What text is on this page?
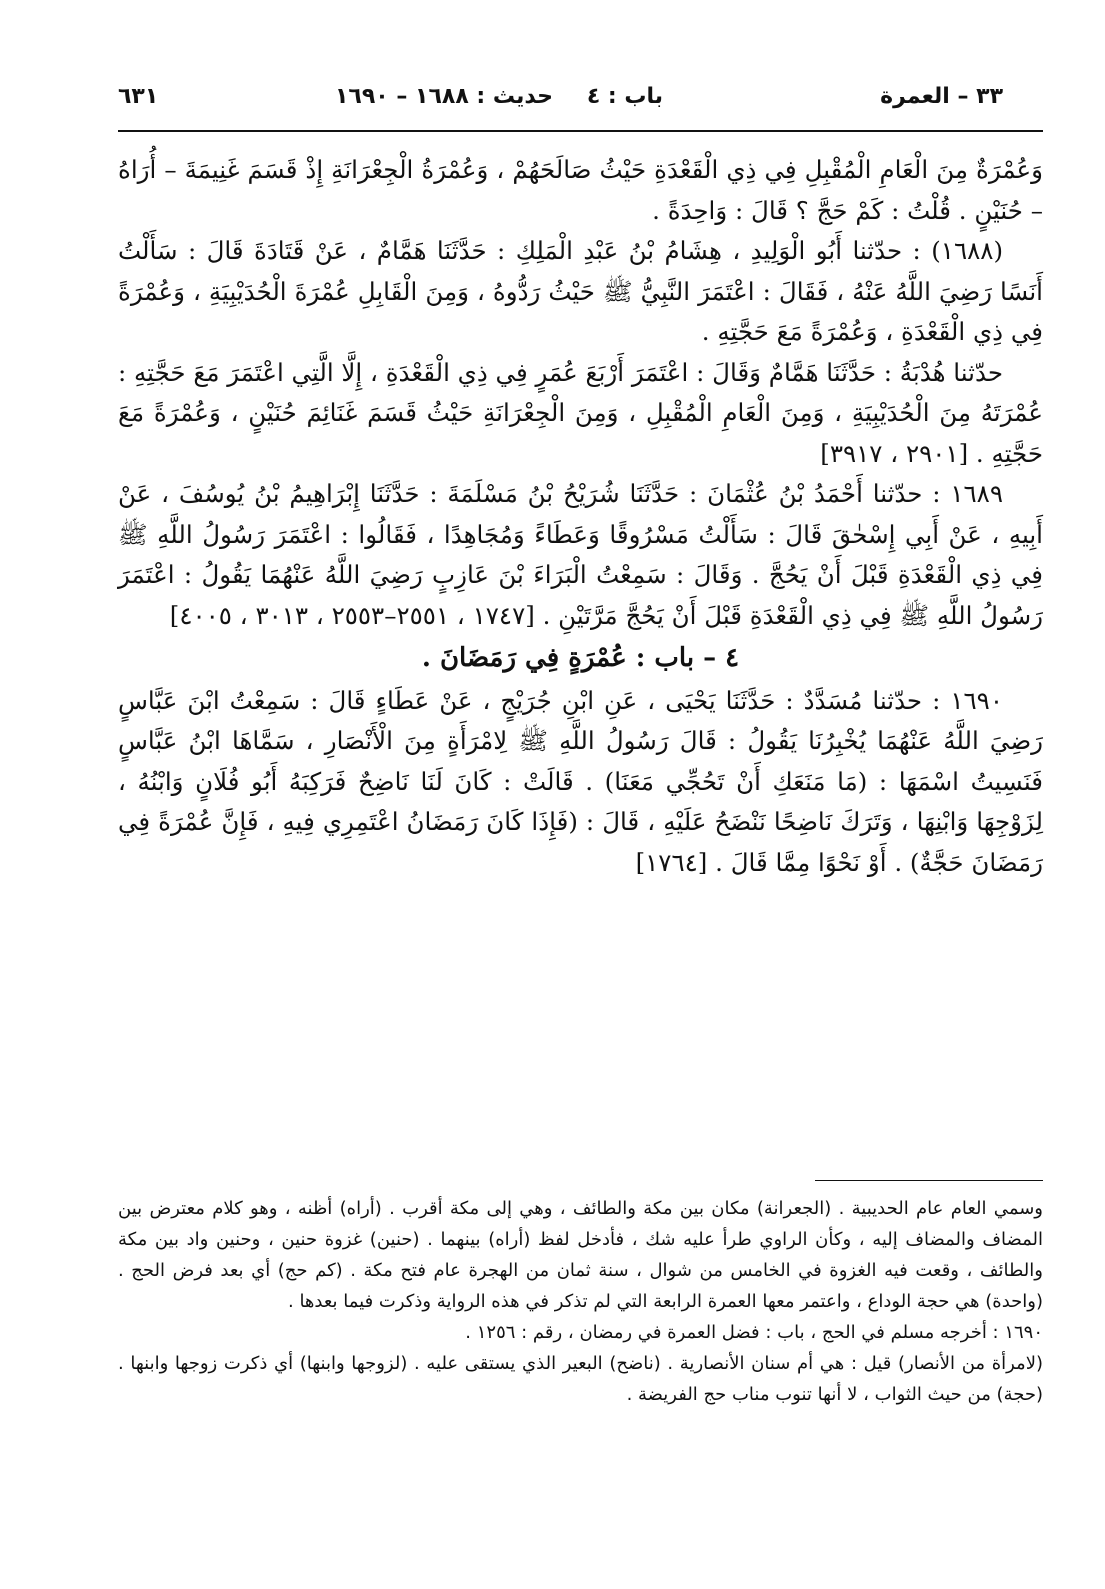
٣٣ – العمرة
باب : ٤
حديث : ١٦٨٨ – ١٦٩٠
٦٣١

وَعُمْرَةٌ مِنَ الْعَامِ الْمُقْبِلِ فِي ذِي الْقَعْدَةِ حَيْثُ صَالَحَهُمْ ، وَعُمْرَةُ الْجِعْرَانَةِ إِذْ قَسَمَ غَنِيمَةَ – أُرَاهُ – حُنَيْنٍ . قُلْتُ : كَمْ حَجَّ ؟ قَالَ : وَاحِدَةً .

(١٦٨٨) : حدّثنا أَبُو الْوَلِيدِ ، هِشَامُ بْنُ عَبْدِ الْمَلِكِ : حَدَّثَنَا هَمَّامٌ ، عَنْ قَتَادَةَ قَالَ : سَأَلْتُ أَنَسًا رَضِيَ اللَّهُ عَنْهُ ، فَقَالَ : اعْتَمَرَ النَّبِيُّ ﷺ حَيْثُ رَدُّوهُ ، وَمِنَ الْقَابِلِ عُمْرَةَ الْحُدَيْبِيَةِ ، وَعُمْرَةً فِي ذِي الْقَعْدَةِ ، وَعُمْرَةً مَعَ حَجَّتِهِ .

حدّثنا هُدْبَةُ : حَدَّثَنَا هَمَّامٌ وَقَالَ : اعْتَمَرَ أَرْبَعَ عُمَرٍ فِي ذِي الْقَعْدَةِ ، إِلَّا الَّتِي اعْتَمَرَ مَعَ حَجَّتِهِ : عُمْرَتَهُ مِنَ الْحُدَيْبِيَةِ ، وَمِنَ الْعَامِ الْمُقْبِلِ ، وَمِنَ الْجِعْرَانَةِ حَيْثُ قَسَمَ غَنَائِمَ حُنَيْنٍ ، وَعُمْرَةً مَعَ حَجَّتِهِ . [٢٩٠١ ، ٣٩١٧]

١٦٨٩ : حدّثنا أَحْمَدُ بْنُ عُثْمَانَ : حَدَّثَنَا شُرَيْحُ بْنُ مَسْلَمَةَ : حَدَّثَنَا إِبْرَاهِيمُ بْنُ يُوسُفَ ، عَنْ أَبِيهِ ، عَنْ أَبِي إِسْحٰقَ قَالَ : سَأَلْتُ مَسْرُوقًا وَعَطَاءً وَمُجَاهِدًا ، فَقَالُوا : اعْتَمَرَ رَسُولُ اللَّهِ ﷺ فِي ذِي الْقَعْدَةِ قَبْلَ أَنْ يَحُجَّ . وَقَالَ : سَمِعْتُ الْبَرَاءَ بْنَ عَازِبٍ رَضِيَ اللَّهُ عَنْهُمَا يَقُولُ : اعْتَمَرَ رَسُولُ اللَّهِ ﷺ فِي ذِي الْقَعْدَةِ قَبْلَ أَنْ يَحُجَّ مَرَّتَيْنِ . [١٧٤٧ ، ٢٥٥١–٢٥٥٣ ، ٣٠١٣ ، ٤٠٠٥]

٤ – باب : عُمْرَةٍ فِي رَمَضَانَ .

١٦٩٠ : حدّثنا مُسَدَّدٌ : حَدَّثَنَا يَحْيَى ، عَنِ ابْنِ جُرَيْجٍ ، عَنْ عَطَاءٍ قَالَ : سَمِعْتُ ابْنَ عَبَّاسٍ رَضِيَ اللَّهُ عَنْهُمَا يُخْبِرُنَا يَقُولُ : قَالَ رَسُولُ اللَّهِ ﷺ لِامْرَأَةٍ مِنَ الْأَنْصَارِ ، سَمَّاهَا ابْنُ عَبَّاسٍ فَنَسِيتُ اسْمَهَا : (مَا مَنَعَكِ أَنْ تَحُجِّي مَعَنَا) . قَالَتْ : كَانَ لَنَا نَاضِحٌ فَرَكِبَهُ أَبُو فُلَانٍ وَابْنُهُ ، لِزَوْجِهَا وَابْنِهَا ، وَتَرَكَ نَاضِحًا نَنْضَحُ عَلَيْهِ ، قَالَ : (فَإِذَا كَانَ رَمَضَانُ اعْتَمِرِي فِيهِ ، فَإِنَّ عُمْرَةً فِي رَمَضَانَ حَجَّةٌ) . أَوْ نَحْوًا مِمَّا قَالَ . [١٧٦٤]

وسمي العام عام الحديبية . (الجعرانة) مكان بين مكة والطائف ، وهي إلى مكة أقرب . (أراه) أظنه ، وهو كلام معترض بين المضاف والمضاف إليه ، وكأن الراوي طرأ عليه شك ، فأدخل لفظ (أراه) بينهما . (حنين) غزوة حنين ، وحنين واد بين مكة والطائف ، وقعت فيه الغزوة في الخامس من شوال ، سنة ثمان من الهجرة عام فتح مكة . (كم حج) أي بعد فرض الحج . (واحدة) هي حجة الوداع ، واعتمر معها العمرة الرابعة التي لم تذكر في هذه الرواية وذكرت فيما بعدها .

١٦٩٠ : أخرجه مسلم في الحج ، باب : فضل العمرة في رمضان ، رقم : ١٢٥٦ .

(لامرأة من الأنصار) قيل : هي أم سنان الأنصارية . (ناضح) البعير الذي يستقى عليه . (لزوجها وابنها) أي ذكرت زوجها وابنها . (حجة) من حيث الثواب ، لا أنها تنوب مناب حج الفريضة .
